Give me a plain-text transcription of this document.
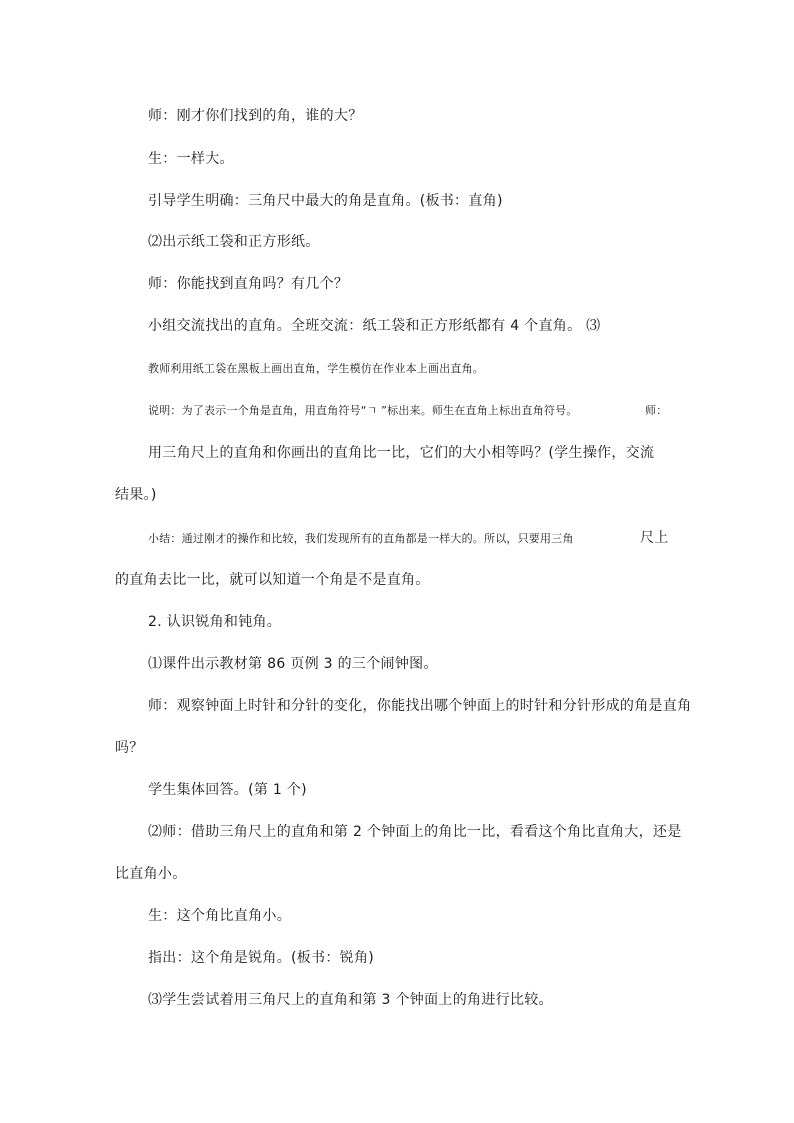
师：刚才你们找到的角，谁的大？
生：一样大。
引导学生明确：三角尺中最大的角是直角。(板书：直角)
⑵出示纸工袋和正方形纸。
师：你能找到直角吗？有几个？
小组交流找出的直角。全班交流：纸工袋和正方形纸都有 4 个直角。 ⑶
教师利用纸工袋在黑板上画出直角，学生模仿在作业本上画出直角。
说明：为了表示一个角是直角，用直角符号“ㄱ ”标出来。师生在直角上标出直角符号。	师：
用三角尺上的直角和你画出的直角比一比，它们的大小相等吗？(学生操作，交流
结果。)
小结：通过刚才的操作和比较，我们发现所有的直角都是一样大的。所以，只要用三角	尺上
的直角去比一比，就可以知道一个角是不是直角。
2. 认识锐角和钝角。
⑴课件出示教材第 86 页例 3 的三个闹钟图。
师：观察钟面上时针和分针的变化，你能找出哪个钟面上的时针和分针形成的角是直角
吗？
学生集体回答。(第 1 个)
⑵师：借助三角尺上的直角和第 2 个钟面上的角比一比，看看这个角比直角大，还是
比直角小。
生：这个角比直角小。
指出：这个角是锐角。(板书：锐角)
⑶学生尝试着用三角尺上的直角和第 3 个钟面上的角进行比较。
